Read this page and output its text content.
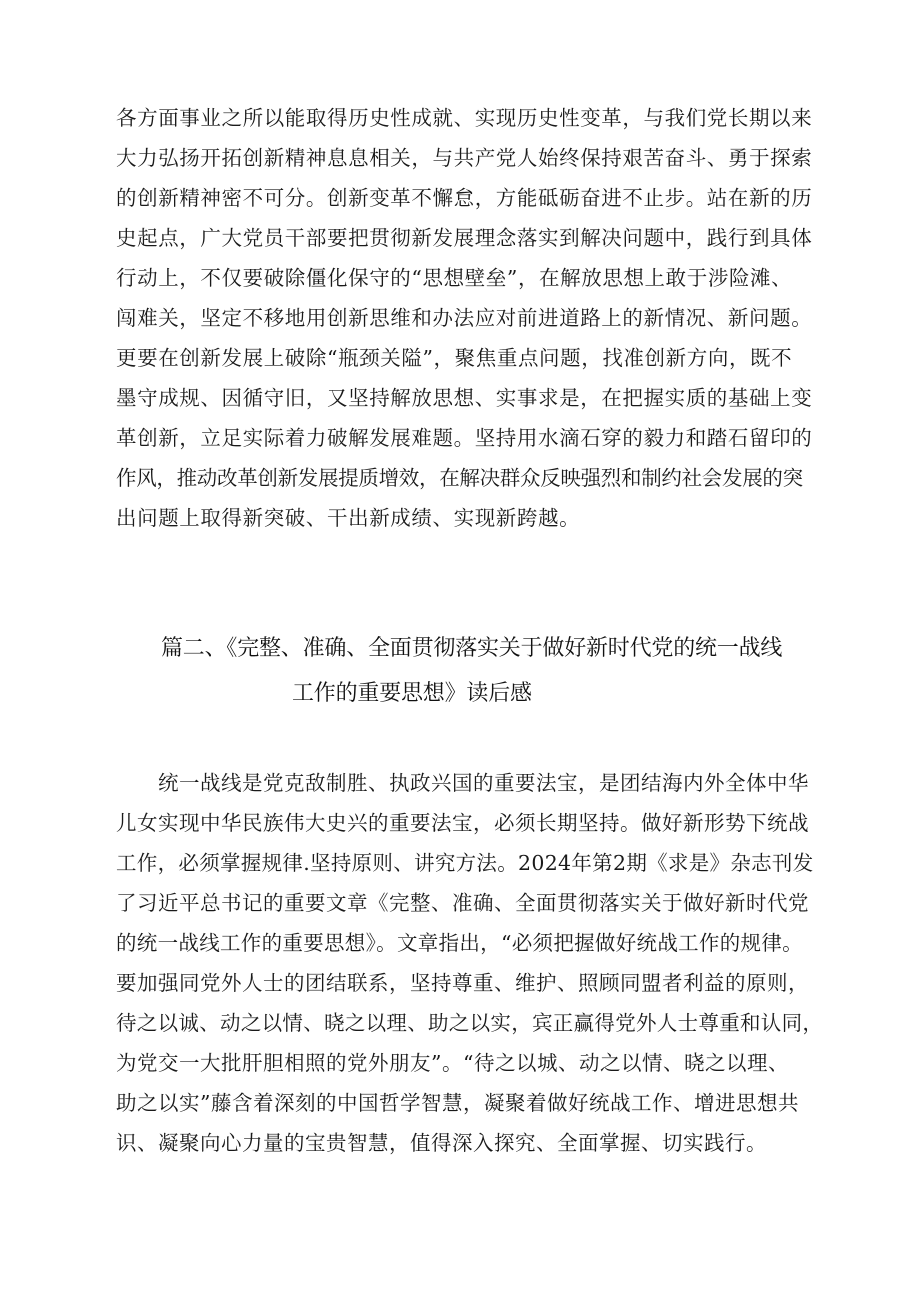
各方面事业之所以能取得历史性成就、实现历史性变革，与我们党长期以来
大力弘扬开拓创新精神息息相关，与共产党人始终保持艰苦奋斗、勇于探索
的创新精神密不可分。创新变革不懈怠，方能砥砺奋进不止步。站在新的历
史起点，广大党员干部要把贯彻新发展理念落实到解决问题中，践行到具体
行动上，不仅要破除僵化保守的“思想壁垒”，在解放思想上敢于涉险滩、
闯难关，坚定不移地用创新思维和办法应对前进道路上的新情况、新问题。
更要在创新发展上破除“瓶颈关隘”，聚焦重点问题，找准创新方向，既不
墨守成规、因循守旧，又坚持解放思想、实事求是，在把握实质的基础上变
革创新，立足实际着力破解发展难题。坚持用水滴石穿的毅力和踏石留印的
作风，推动改革创新发展提质增效，在解决群众反映强烈和制约社会发展的突
出问题上取得新突破、干出新成绩、实现新跨越。
篇二、《完整、准确、全面贯彻落实关于做好新时代党的统一战线
工作的重要思想》读后感
统一战线是党克敌制胜、执政兴国的重要法宝，是团结海内外全体中华
儿女实现中华民族伟大史兴的重要法宝，必须长期坚持。做好新形势下统战
工作，必须掌握规律.坚持原则、讲究方法。2024年第2期《求是》杂志刊发
了习近平总书记的重要文章《完整、准确、全面贯彻落实关于做好新时代党
的统一战线工作的重要思想》。文章指出，“必须把握做好统战工作的规律。
要加强同党外人士的团结联系，坚持尊重、维护、照顾同盟者利益的原则，
待之以诚、动之以情、晓之以理、助之以实，宾正赢得党外人士尊重和认同，
为党交一大批肝胆相照的党外朋友”。“待之以城、动之以情、晓之以理、
助之以实”藤含着深刻的中国哲学智慧，凝聚着做好统战工作、增进思想共
识、凝聚向心力量的宝贵智慧，值得深入探究、全面掌握、切实践行。
